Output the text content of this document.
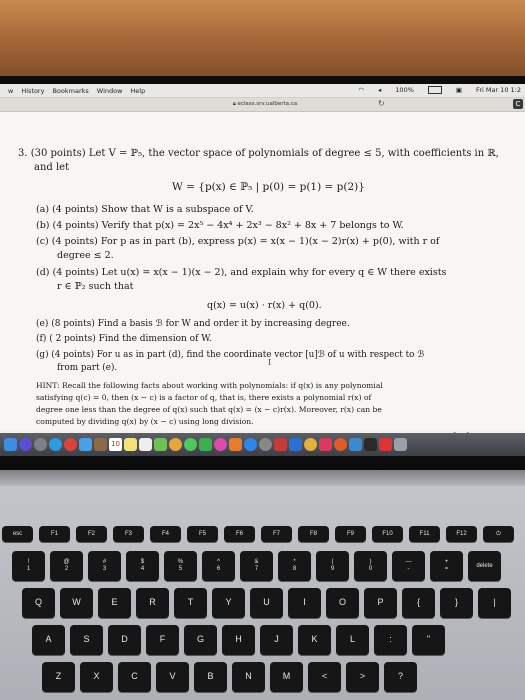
w History Bookmarks Window Help	◠ ◂ 100%	▣ Fri Mar 10 1:2
🔒︎ eclass.srv.ualberta.ca	↻	C
3. (30 points) Let V = ℙ₅, the vector space of polynomials of degree ≤ 5, with coefficients in ℝ,
and let
W = {p(x) ∈ ℙ₅ | p(0) = p(1) = p(2)}
(a) (4 points) Show that W is a subspace of V.
(b) (4 points) Verify that p(x) = 2x⁵ − 4x⁴ + 2x³ − 8x² + 8x + 7 belongs to W.
(c) (4 points) For p as in part (b), express p(x) = x(x − 1)(x − 2)r(x) + p(0), with r of
degree ≤ 2.
(d) (4 points) Let u(x) = x(x − 1)(x − 2), and explain why for every q ∈ W there exists
r ∈ ℙ₂ such that
q(x) = u(x) · r(x) + q(0).
(e) (8 points) Find a basis ℬ for W and order it by increasing degree.
(f) ( 2 points) Find the dimension of W.
(g) (4 points) For u as in part (d), find the coordinate vector [u]ℬ of u with respect to ℬ
from part (e).
I
HINT: Recall the following facts about working with polynomials: if q(x) is any polynomial
satisfying q(c) = 0, then (x − c) is a factor of q, that is, there exists a polynomial r(x) of
degree one less than the degree of q(x) such that q(x) = (x − c)r(x). Moreover, r(x) can be
computed by dividing q(x) by (x − c) using long division.
10
esc	F1	F2	F3	F4	F5	F6	F7	F8	F9	F10	F11	F12	⏻
!
1
@
2
#
3
$
4
%
5
^
6
&
7
*
8
(
9
)
0
—
-
+
=
delete
Q	W	E	R	T	Y	U	I	O	P	{	}	|
A	S	D	F	G	H	J	K	L	:	"
Z	X	C	V	B	N	M	<	>	?
